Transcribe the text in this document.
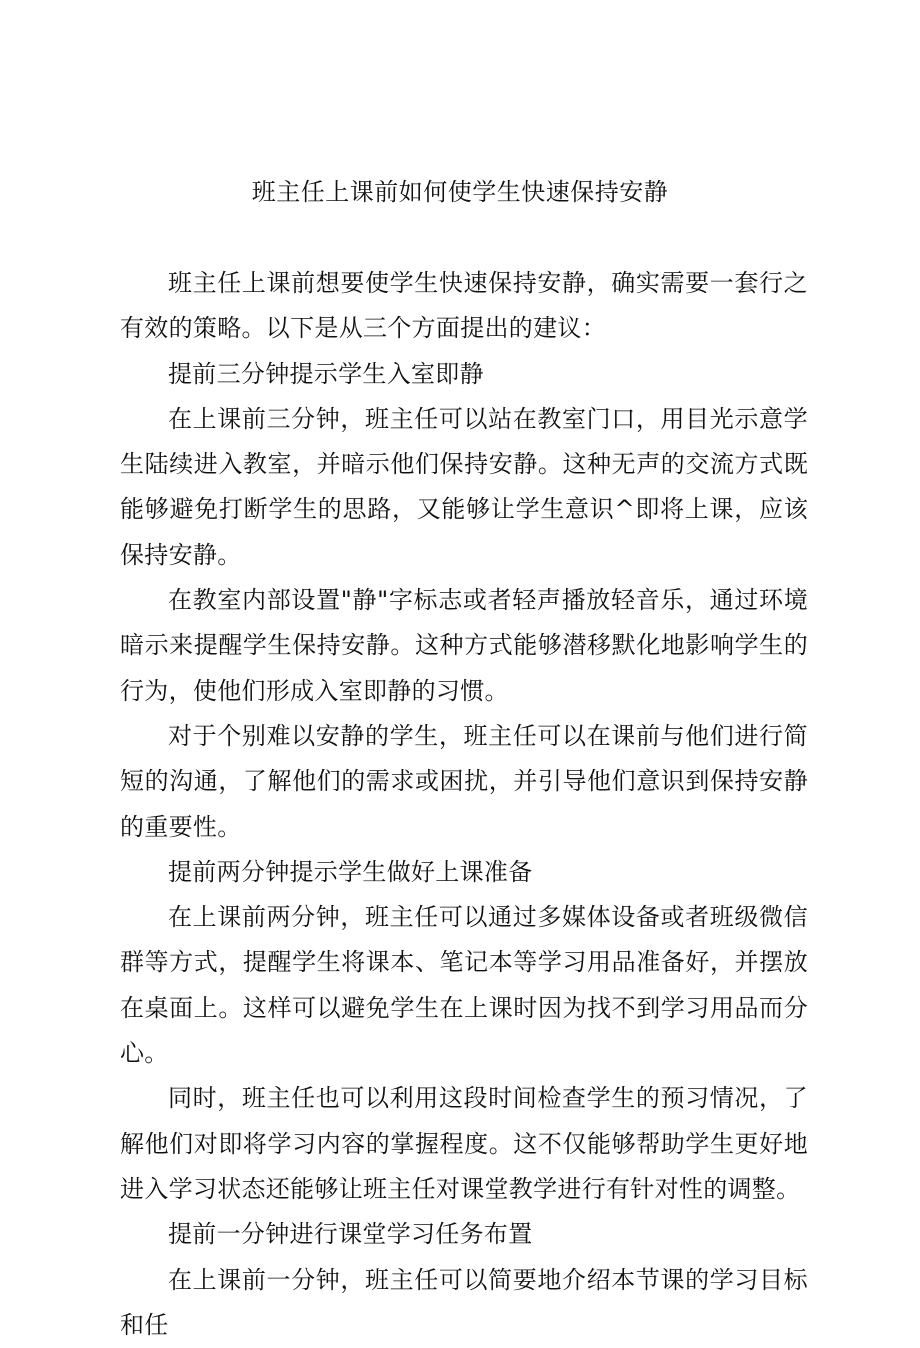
班主任上课前如何使学生快速保持安静

班主任上课前想要使学生快速保持安静，确实需要一套行之有效的策略。以下是从三个方面提出的建议：

提前三分钟提示学生入室即静

在上课前三分钟，班主任可以站在教室门口，用目光示意学生陆续进入教室，并暗示他们保持安静。这种无声的交流方式既能够避免打断学生的思路，又能够让学生意识^即将上课，应该保持安静。

在教室内部设置"静"字标志或者轻声播放轻音乐，通过环境暗示来提醒学生保持安静。这种方式能够潜移默化地影响学生的行为，使他们形成入室即静的习惯。

对于个别难以安静的学生，班主任可以在课前与他们进行简短的沟通，了解他们的需求或困扰，并引导他们意识到保持安静的重要性。

提前两分钟提示学生做好上课准备

在上课前两分钟，班主任可以通过多媒体设备或者班级微信群等方式，提醒学生将课本、笔记本等学习用品准备好，并摆放在桌面上。这样可以避免学生在上课时因为找不到学习用品而分心。

同时，班主任也可以利用这段时间检查学生的预习情况，了解他们对即将学习内容的掌握程度。这不仅能够帮助学生更好地进入学习状态还能够让班主任对课堂教学进行有针对性的调整。

提前一分钟进行课堂学习任务布置

在上课前一分钟，班主任可以简要地介绍本节课的学习目标和任
